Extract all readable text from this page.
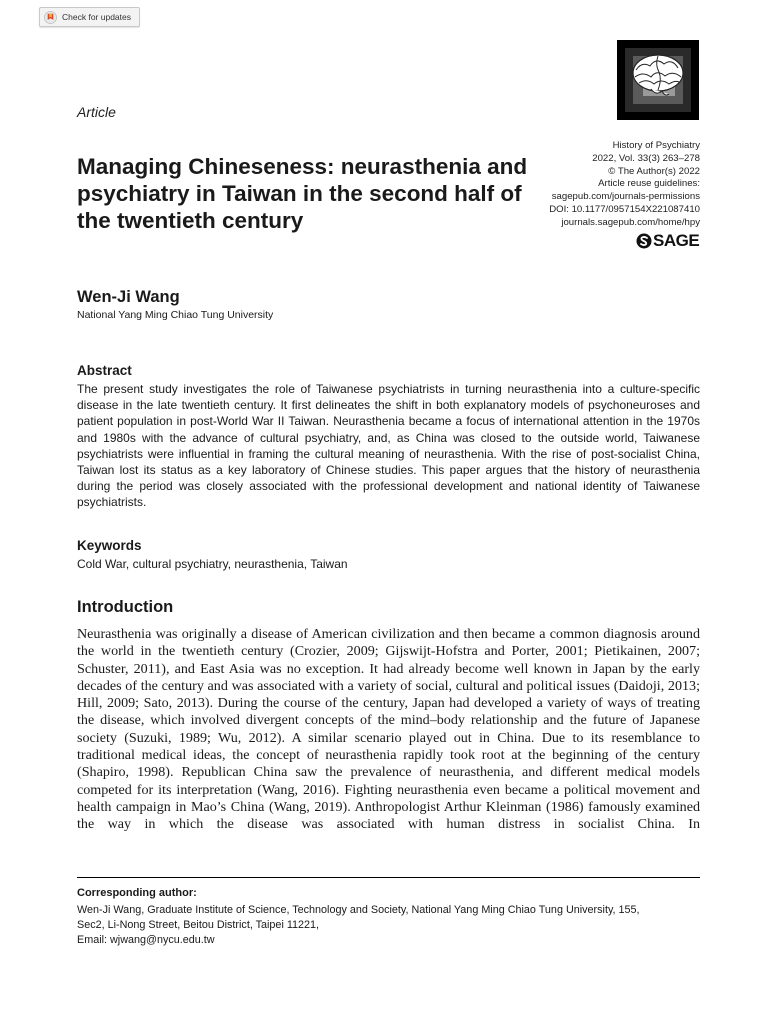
Check for updates
Article
History of Psychiatry
2022, Vol. 33(3) 263–278
© The Author(s) 2022
Article reuse guidelines:
sagepub.com/journals-permissions
DOI: 10.1177/0957154X221087410
journals.sagepub.com/home/hpy
SAGE
Managing Chineseness: neurasthenia and psychiatry in Taiwan in the second half of the twentieth century
Wen-Ji Wang
National Yang Ming Chiao Tung University
Abstract

The present study investigates the role of Taiwanese psychiatrists in turning neurasthenia into a culture-specific disease in the late twentieth century. It first delineates the shift in both explanatory models of psychoneuroses and patient population in post-World War II Taiwan. Neurasthenia became a focus of international attention in the 1970s and 1980s with the advance of cultural psychiatry, and, as China was closed to the outside world, Taiwanese psychiatrists were influential in framing the cultural meaning of neurasthenia. With the rise of post-socialist China, Taiwan lost its status as a key laboratory of Chinese studies. This paper argues that the history of neurasthenia during the period was closely associated with the professional development and national identity of Taiwanese psychiatrists.

Keywords
Cold War, cultural psychiatry, neurasthenia, Taiwan
Introduction

Neurasthenia was originally a disease of American civilization and then became a common diagnosis around the world in the twentieth century (Crozier, 2009; Gijswijt-Hofstra and Porter, 2001; Pietikainen, 2007; Schuster, 2011), and East Asia was no exception. It had already become well known in Japan by the early decades of the century and was associated with a variety of social, cultural and political issues (Daidoji, 2013; Hill, 2009; Sato, 2013). During the course of the century, Japan had developed a variety of ways of treating the disease, which involved divergent concepts of the mind–body relationship and the future of Japanese society (Suzuki, 1989; Wu, 2012). A similar scenario played out in China. Due to its resemblance to traditional medical ideas, the concept of neurasthenia rapidly took root at the beginning of the century (Shapiro, 1998). Republican China saw the prevalence of neurasthenia, and different medical models competed for its interpretation (Wang, 2016). Fighting neurasthenia even became a political movement and health campaign in Mao’s China (Wang, 2019). Anthropologist Arthur Kleinman (1986) famously examined the way in which the disease was associated with human distress in socialist China. In

Corresponding author:
Wen-Ji Wang, Graduate Institute of Science, Technology and Society, National Yang Ming Chiao Tung University, 155,
Sec2, Li-Nong Street, Beitou District, Taipei 11221,
Email: wjwang@nycu.edu.tw
